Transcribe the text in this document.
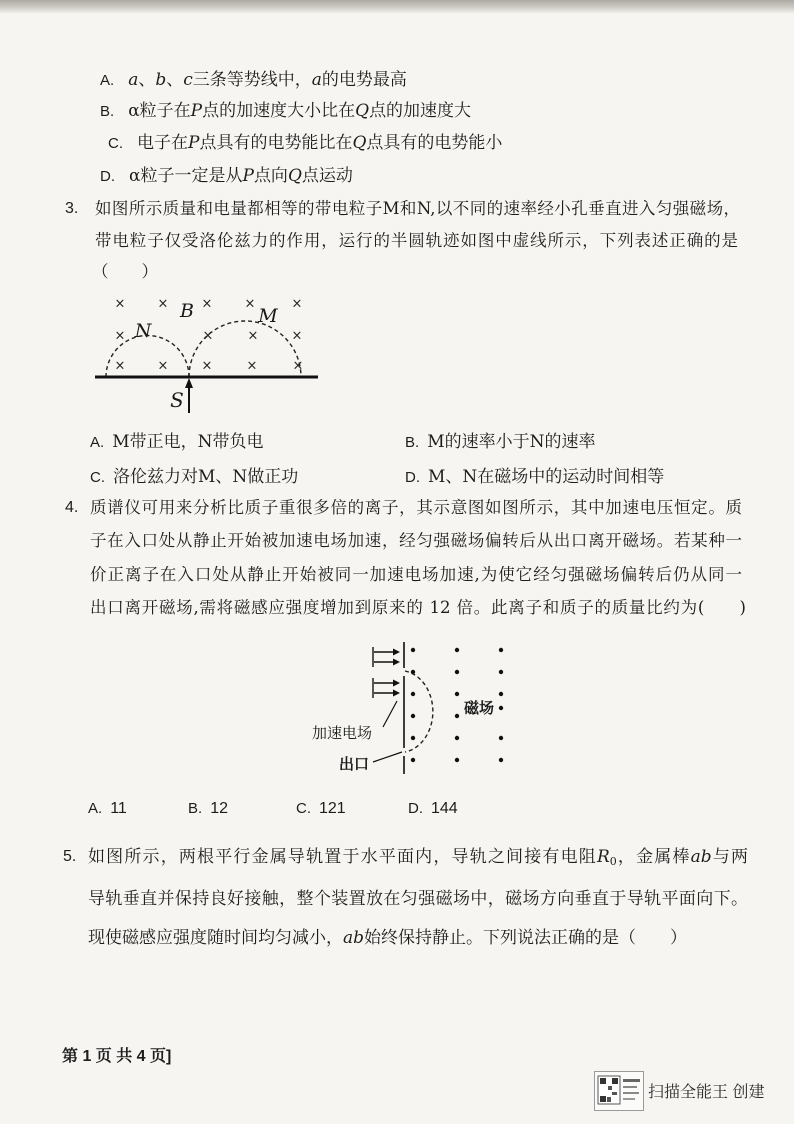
A. a、b、c三条等势线中，a的电势最高
B. α粒子在P点的加速度大小比在Q点的加速度大
C. 电子在P点具有的电势能比在Q点具有的电势能小
D. α粒子一定是从P点向Q点运动
3. 如图所示质量和电量都相等的带电粒子M和N,以不同的速率经小孔垂直进入匀强磁场，
带电粒子仅受洛伦兹力的作用，运行的半圆轨迹如图中虚线所示，下列表述正确的是
（　　）
× ×	× ×	×
×	×	×	×
× ×	×	×	×
B
N
M
S
A. M带正电，N带负电	B. M的速率小于N的速率
C. 洛伦兹力对M、N做正功	D. M、N在磁场中的运动时间相等
4. 质谱仪可用来分析比质子重很多倍的离子，其示意图如图所示，其中加速电压恒定。质
子在入口处从静止开始被加速电场加速，经匀强磁场偏转后从出口离开磁场。若某种一
价正离子在入口处从静止开始被同一加速电场加速,为使它经匀强磁场偏转后仍从同一
出口离开磁场,需将磁感应强度增加到原来的 12 倍。此离子和质子的质量比约为(　　)
加速电场
磁场
出口
A. 11	B. 12	C. 121	D. 144
5. 如图所示，两根平行金属导轨置于水平面内，导轨之间接有电阻$R_0$，金属棒ab与两
导轨垂直并保持良好接触，整个装置放在匀强磁场中，磁场方向垂直于导轨平面向下。
现使磁感应强度随时间均匀减小，ab始终保持静止。下列说法正确的是（　　）
第 1 页 共 4 页]
扫描全能王 创建
